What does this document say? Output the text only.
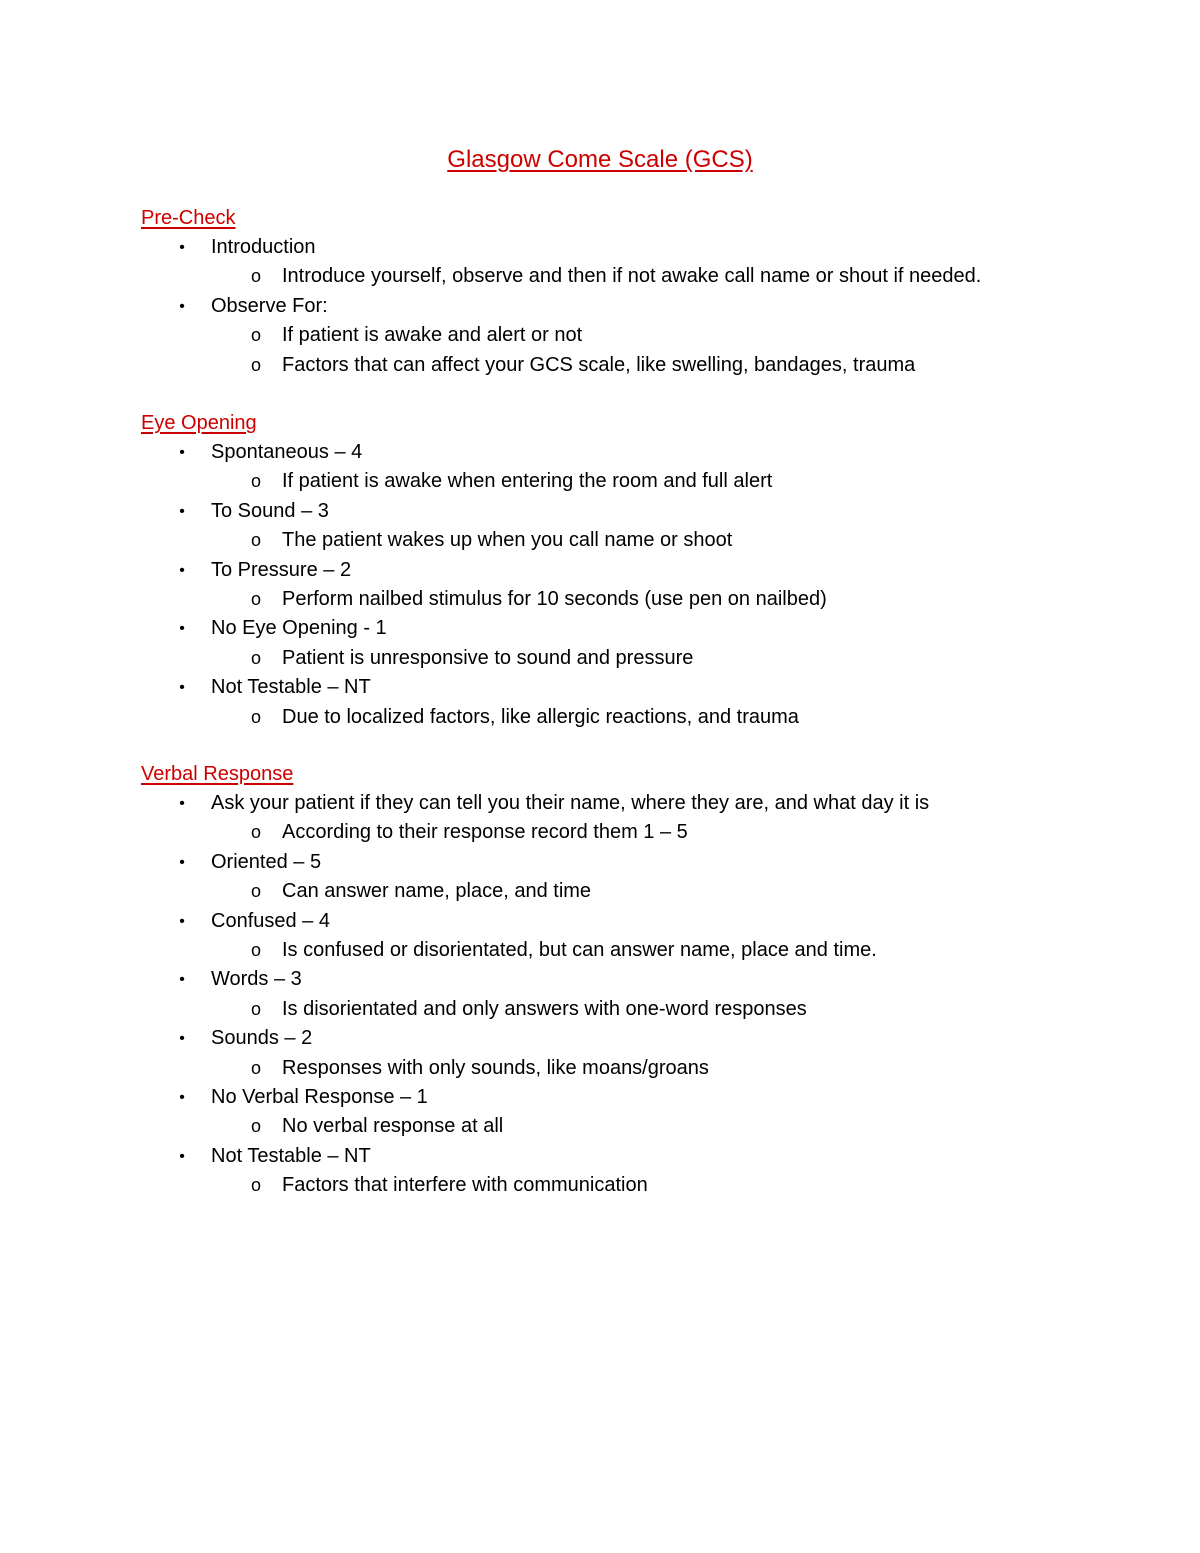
Glasgow Come Scale (GCS)
Pre-Check
• Introduction
o Introduce yourself, observe and then if not awake call name or shout if needed.
• Observe For:
o If patient is awake and alert or not
o Factors that can affect your GCS scale, like swelling, bandages, trauma
Eye Opening
• Spontaneous – 4
o If patient is awake when entering the room and full alert
• To Sound – 3
o The patient wakes up when you call name or shoot
• To Pressure – 2
o Perform nailbed stimulus for 10 seconds (use pen on nailbed)
• No Eye Opening - 1
o Patient is unresponsive to sound and pressure
• Not Testable – NT
o Due to localized factors, like allergic reactions, and trauma
Verbal Response
• Ask your patient if they can tell you their name, where they are, and what day it is
o According to their response record them 1 – 5
• Oriented – 5
o Can answer name, place, and time
• Confused – 4
o Is confused or disorientated, but can answer name, place and time.
• Words – 3
o Is disorientated and only answers with one-word responses
• Sounds – 2
o Responses with only sounds, like moans/groans
• No Verbal Response – 1
o No verbal response at all
• Not Testable – NT
o Factors that interfere with communication
